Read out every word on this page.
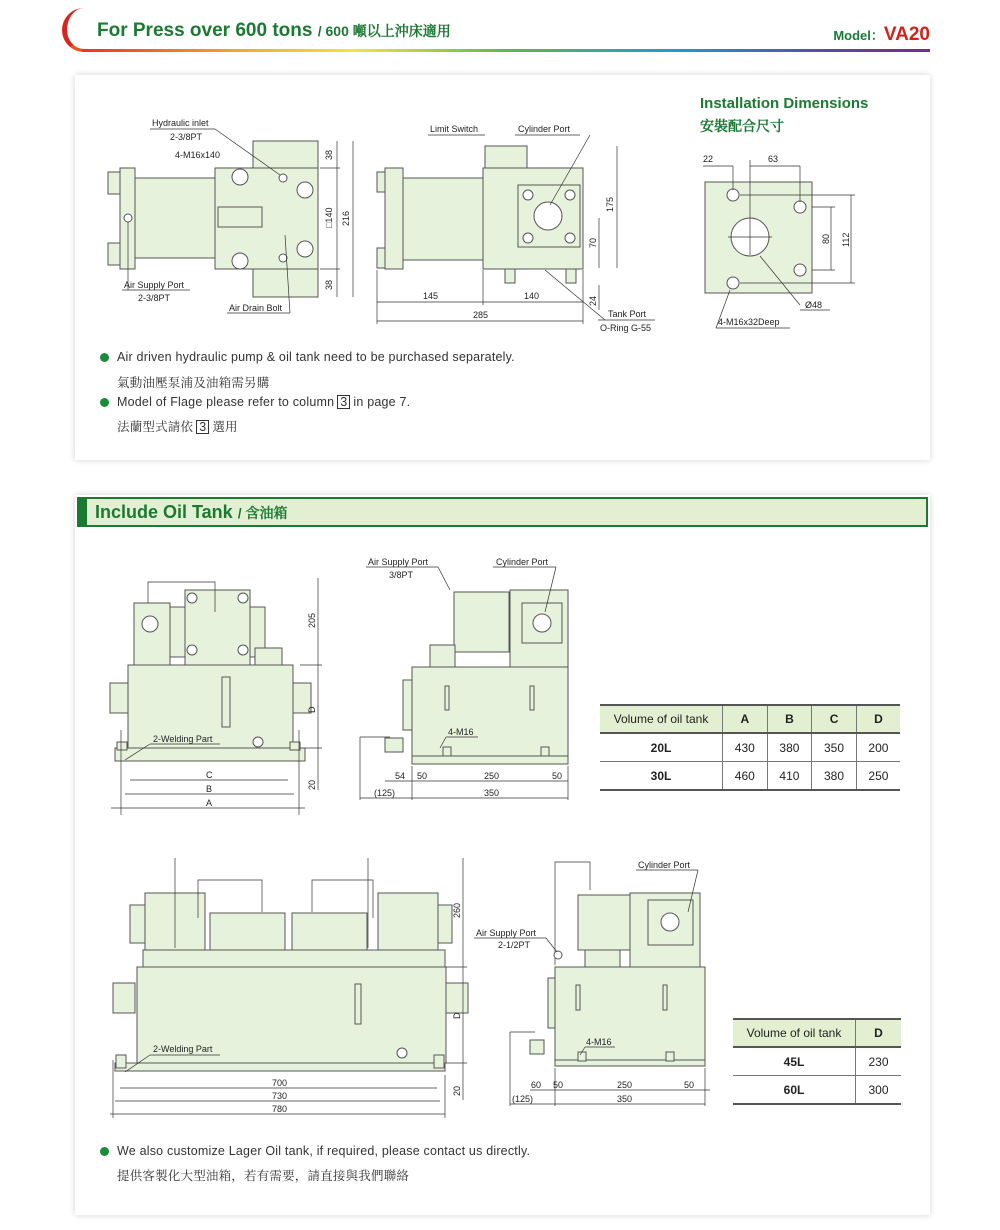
For Press over 600 tons / 600 噸以上沖床適用	Model：VA20
Include Oil Tank / 含油箱
Installation Dimensions
安裝配合尺寸
Hydraulic inlet
2-3/8PT
4-M16x140
Air Supply Port
2-3/8PT
Air Drain Bolt
38
□140
38
216
Limit Switch	Cylinder Port
Tank Port
O-Ring G-55
145	140
285
175
70
24
22	63
80 112
Ø48
4-M16x32Deep
2-Welding Part
205
D
20
C
B
A
Air Supply Port
3/8PT
Cylinder Port
4-M16
54 50	250	50
(125)	350
2-Welding Part
260
D
20
700
730
780
Cylinder Port
Air Supply Port
2-1/2PT
4-M16
60 50	250	50
(125)	350
Air driven hydraulic pump & oil tank need to be purchased separately.
氣動油壓泵浦及油箱需另購
Model of Flage please refer to column 3 in page 7.
法蘭型式請依 3 選用
Volume of oil tank	A	B	C	D
20L	430	380	350	200
30L	460	410	380	250
Volume of oil tank	D
45L	230
60L	300
We also customize Lager Oil tank, if required, please contact us directly.
提供客製化大型油箱，若有需要，請直接與我們聯絡
